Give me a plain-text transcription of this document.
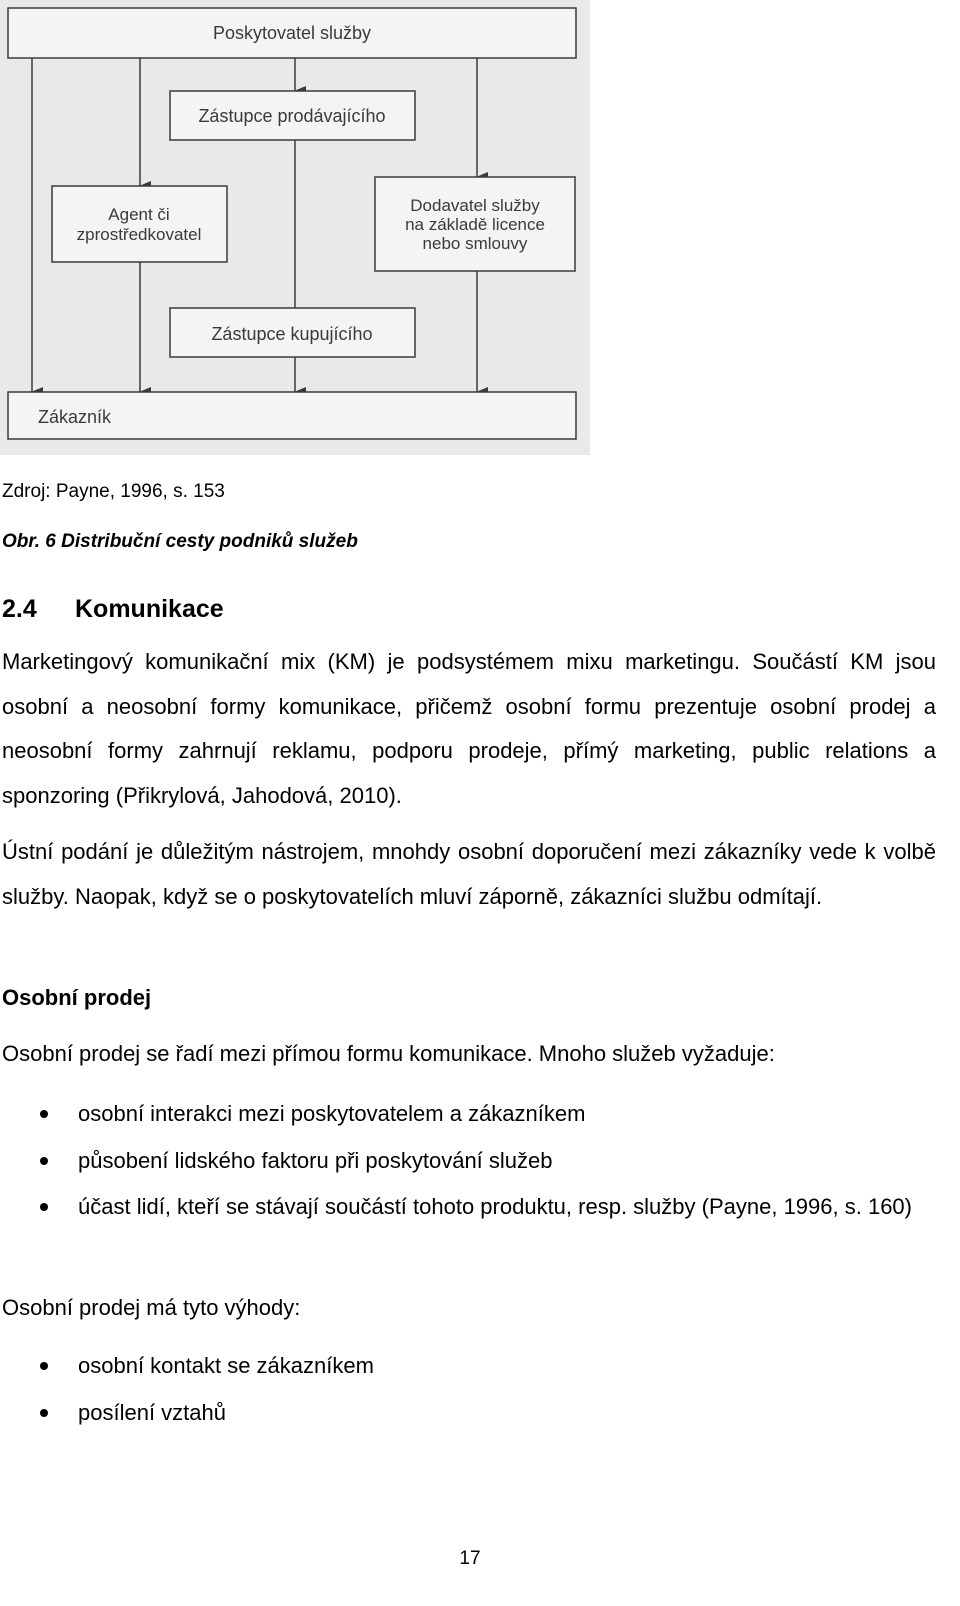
Poskytovatel služby
Zástupce prodávajícího
Agent či
zprostředkovatel
Dodavatel služby
na základě licence
nebo smlouvy
Zástupce kupujícího
Zákazník
Zdroj: Payne, 1996, s. 153
Obr. 6 Distribuční cesty podniků služeb
2.4 Komunikace
Marketingový komunikační mix (KM) je podsystémem mixu marketingu. Součástí KM jsou osobní a neosobní formy komunikace, přičemž osobní formu prezentuje osobní prodej a neosobní formy zahrnují reklamu, podporu prodeje, přímý marketing, public relations a sponzoring (Přikrylová, Jahodová, 2010).
Ústní podání je důležitým nástrojem, mnohdy osobní doporučení mezi zákazníky vede k volbě služby. Naopak, když se o poskytovatelích mluví záporně, zákazníci službu odmítají.
Osobní prodej
Osobní prodej se řadí mezi přímou formu komunikace. Mnoho služeb vyžaduje:
osobní interakci mezi poskytovatelem a zákazníkem
působení lidského faktoru při poskytování služeb
účast lidí, kteří se stávají součástí tohoto produktu, resp. služby (Payne, 1996, s. 160)
Osobní prodej má tyto výhody:
osobní kontakt se zákazníkem
posílení vztahů
17
